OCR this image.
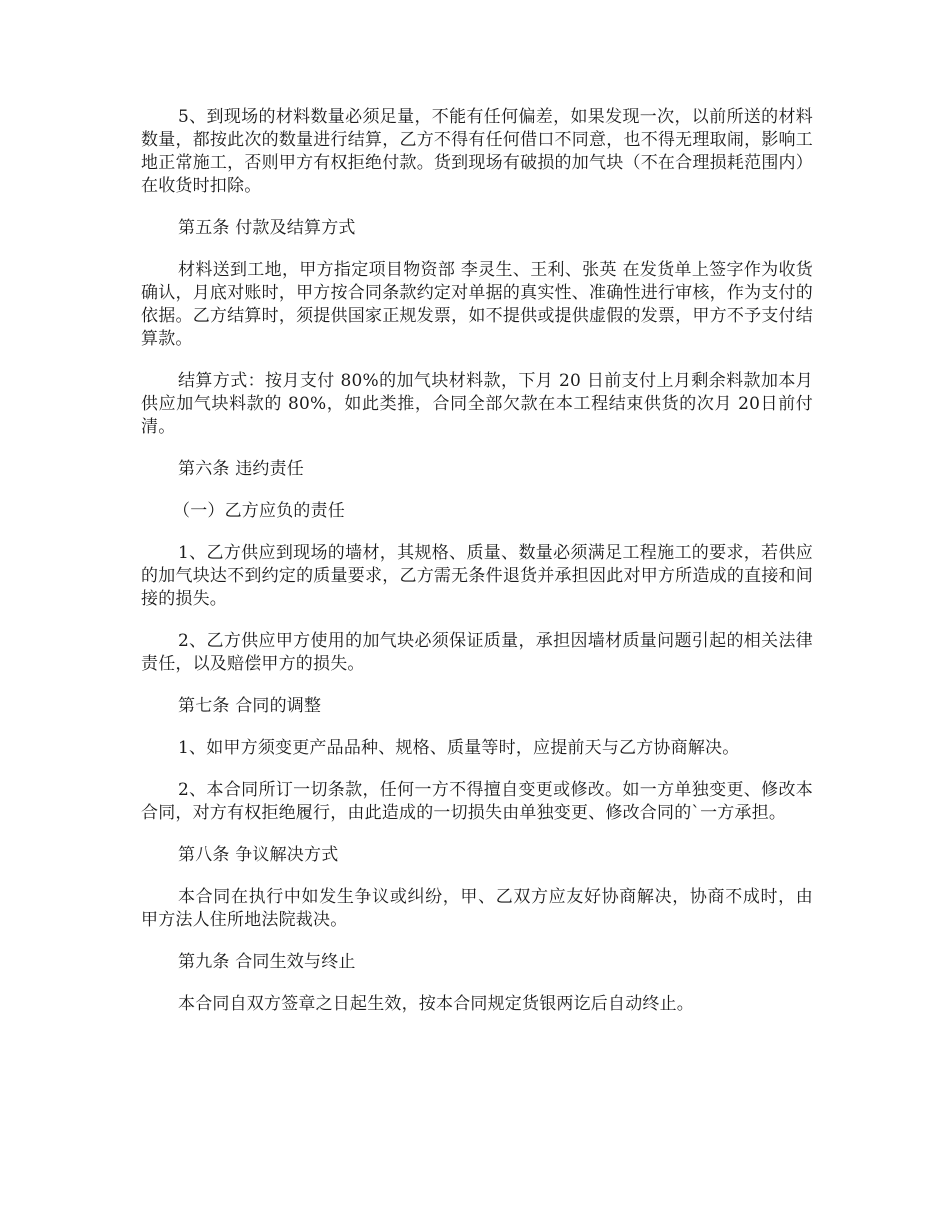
5、到现场的材料数量必须足量，不能有任何偏差，如果发现一次，以前所送的材料数量，都按此次的数量进行结算，乙方不得有任何借口不同意，也不得无理取闹，影响工地正常施工，否则甲方有权拒绝付款。货到现场有破损的加气块（不在合理损耗范围内）在收货时扣除。

第五条 付款及结算方式

材料送到工地，甲方指定项目物资部 李灵生、王利、张英 在发货单上签字作为收货确认，月底对账时，甲方按合同条款约定对单据的真实性、准确性进行审核，作为支付的依据。乙方结算时，须提供国家正规发票，如不提供或提供虚假的发票，甲方不予支付结算款。

结算方式：按月支付 80%的加气块材料款，下月 20 日前支付上月剩余料款加本月供应加气块料款的 80%，如此类推，合同全部欠款在本工程结束供货的次月 20日前付清。

第六条 违约责任

（一）乙方应负的责任

1、乙方供应到现场的墙材，其规格、质量、数量必须满足工程施工的要求，若供应的加气块达不到约定的质量要求，乙方需无条件退货并承担因此对甲方所造成的直接和间接的损失。

2、乙方供应甲方使用的加气块必须保证质量，承担因墙材质量问题引起的相关法律责任，以及赔偿甲方的损失。

第七条 合同的调整

1、如甲方须变更产品品种、规格、质量等时，应提前天与乙方协商解决。

2、本合同所订一切条款，任何一方不得擅自变更或修改。如一方单独变更、修改本合同，对方有权拒绝履行，由此造成的一切损失由单独变更、修改合同的`一方承担。

第八条 争议解决方式

本合同在执行中如发生争议或纠纷，甲、乙双方应友好协商解决，协商不成时，由甲方法人住所地法院裁决。

第九条 合同生效与终止

本合同自双方签章之日起生效，按本合同规定货银两讫后自动终止。
